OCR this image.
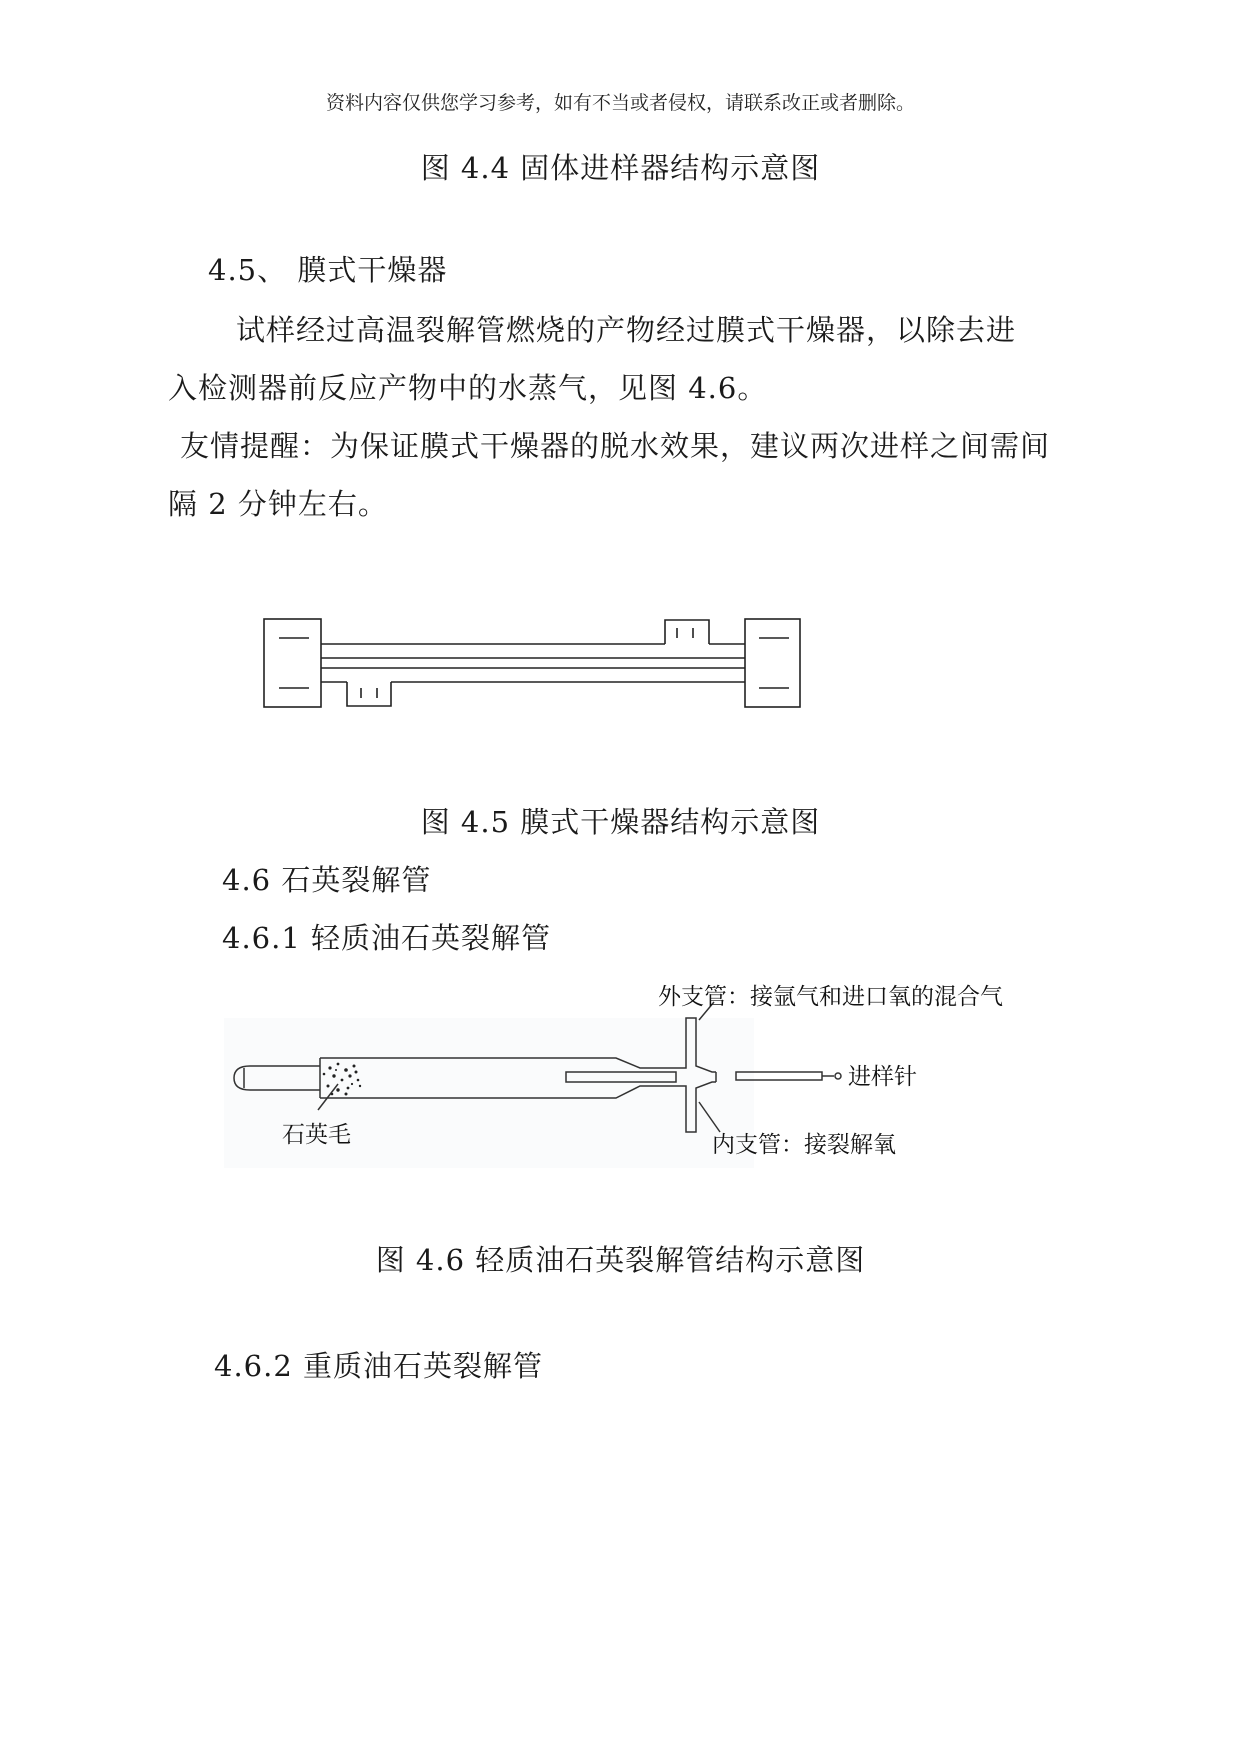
资料内容仅供您学习参考，如有不当或者侵权，请联系改正或者删除。
图 4.4 固体进样器结构示意图
4.5、 膜式干燥器
试样经过高温裂解管燃烧的产物经过膜式干燥器，以除去进
入检测器前反应产物中的水蒸气，见图 4.6。
友情提醒：为保证膜式干燥器的脱水效果，建议两次进样之间需间
隔 2 分钟左右。
图 4.5 膜式干燥器结构示意图
4.6 石英裂解管
4.6.1 轻质油石英裂解管
外支管：接氩气和进口氧的混合气
进样针
石英毛	内支管：接裂解氧
图 4.6 轻质油石英裂解管结构示意图
4.6.2 重质油石英裂解管
